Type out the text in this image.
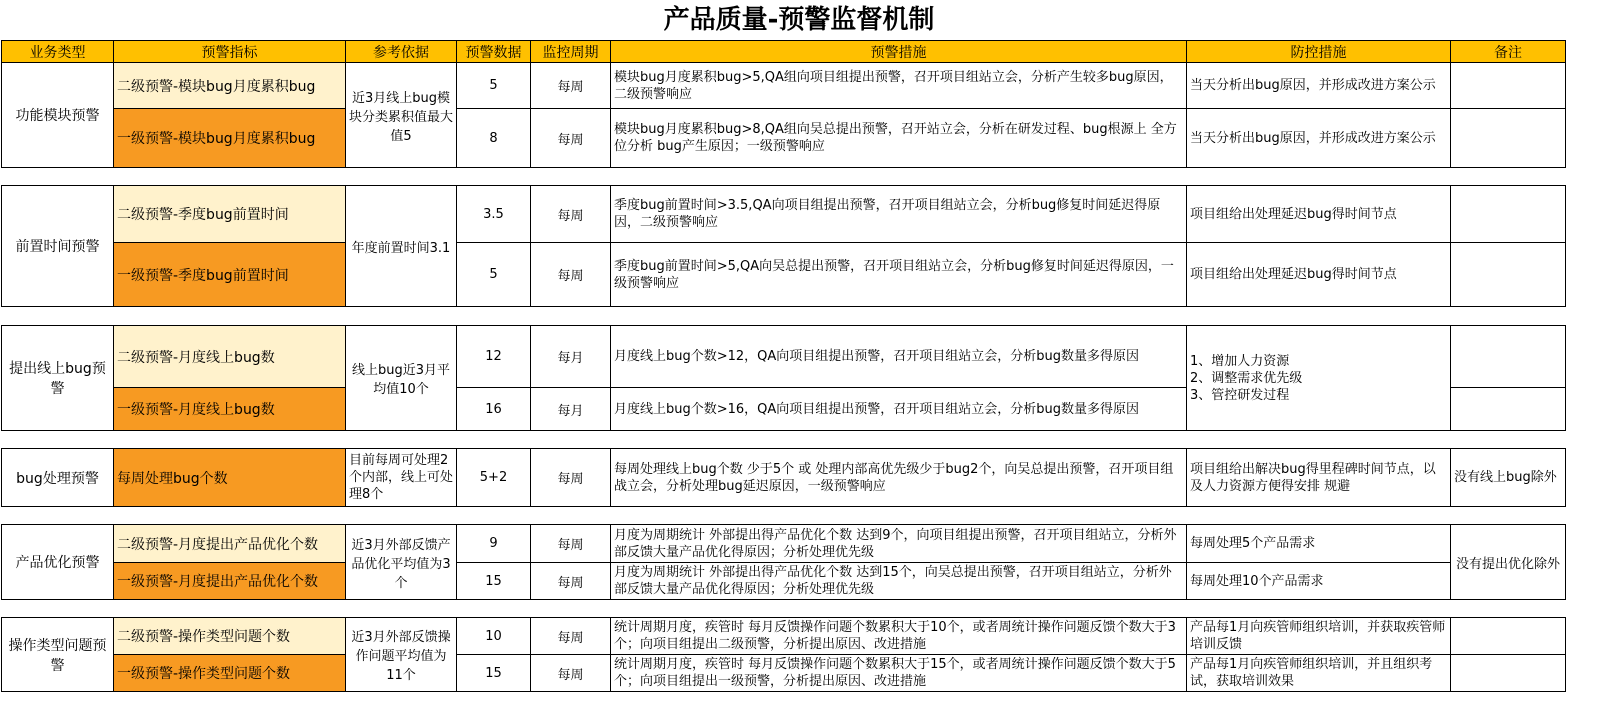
产品质量-预警监督机制
业务类型	预警指标	参考依据	预警数据	监控周期	预警措施	防控措施	备注
功能模块预警	二级预警-模块bug月度累积bug	近3月线上bug模块分类累积值最大值5	5	每周	模块bug月度累积bug>5,QA组向项目组提出预警，召开项目组站立会，分析产生较多bug原因，二级预警响应	当天分析出bug原因，并形成改进方案公示	
	一级预警-模块bug月度累积bug		8	每周	模块bug月度累积bug>8,QA组向吴总提出预警，召开站立会，分析在研发过程、bug根源上 全方位分析 bug产生原因；一级预警响应	当天分析出bug原因，并形成改进方案公示	

前置时间预警	二级预警-季度bug前置时间	年度前置时间3.1	3.5	每周	季度bug前置时间>3.5,QA向项目组提出预警，召开项目组站立会，分析bug修复时间延迟得原因，二级预警响应	项目组给出处理延迟bug得时间节点	
	一级预警-季度bug前置时间		5	每周	季度bug前置时间>5,QA向吴总提出预警，召开项目组站立会，分析bug修复时间延迟得原因，一级预警响应	项目组给出处理延迟bug得时间节点	

提出线上bug预警	二级预警-月度线上bug数	线上bug近3月平均值10个	12	每月	月度线上bug个数>12，QA向项目组提出预警，召开项目组站立会，分析bug数量多得原因	1、增加人力资源
2、调整需求优先级
3、管控研发过程	
	一级预警-月度线上bug数		16	每月	月度线上bug个数>16，QA向项目组提出预警，召开项目组站立会，分析bug数量多得原因		

bug处理预警	每周处理bug个数	目前每周可处理2个内部，线上可处理8个	5+2	每周	每周处理线上bug个数 少于5个 或 处理内部高优先级少于bug2个，向吴总提出预警，召开项目组战立会，分析处理bug延迟原因，一级预警响应	项目组给出解决bug得里程碑时间节点，以及人力资源方便得安排 规避	没有线上bug除外

产品优化预警	二级预警-月度提出产品优化个数	近3月外部反馈产品优化平均值为3个	9	每周	月度为周期统计 外部提出得产品优化个数 达到9个，向项目组提出预警，召开项目组站立，分析外部反馈大量产品优化得原因；分析处理优先级	每周处理5个产品需求	没有提出优化除外
	一级预警-月度提出产品优化个数		15	每周	月度为周期统计 外部提出得产品优化个数 达到15个，向吴总提出预警，召开项目组站立，分析外部反馈大量产品优化得原因；分析处理优先级	每周处理10个产品需求	

操作类型问题预警	二级预警-操作类型问题个数	近3月外部反馈操作问题平均值为11个	10	每周	统计周期月度，疾管时 每月反馈操作问题个数累积大于10个，或者周统计操作问题反馈个数大于3个；向项目组提出二级预警，分析提出原因、改进措施	产品每1月向疾管师组织培训，并获取疾管师培训反馈	
	一级预警-操作类型问题个数		15	每周	统计周期月度，疾管时 每月反馈操作问题个数累积大于15个，或者周统计操作问题反馈个数大于5个；向项目组提出一级预警，分析提出原因、改进措施	产品每1月向疾管师组织培训，并且组织考试，获取培训效果	
